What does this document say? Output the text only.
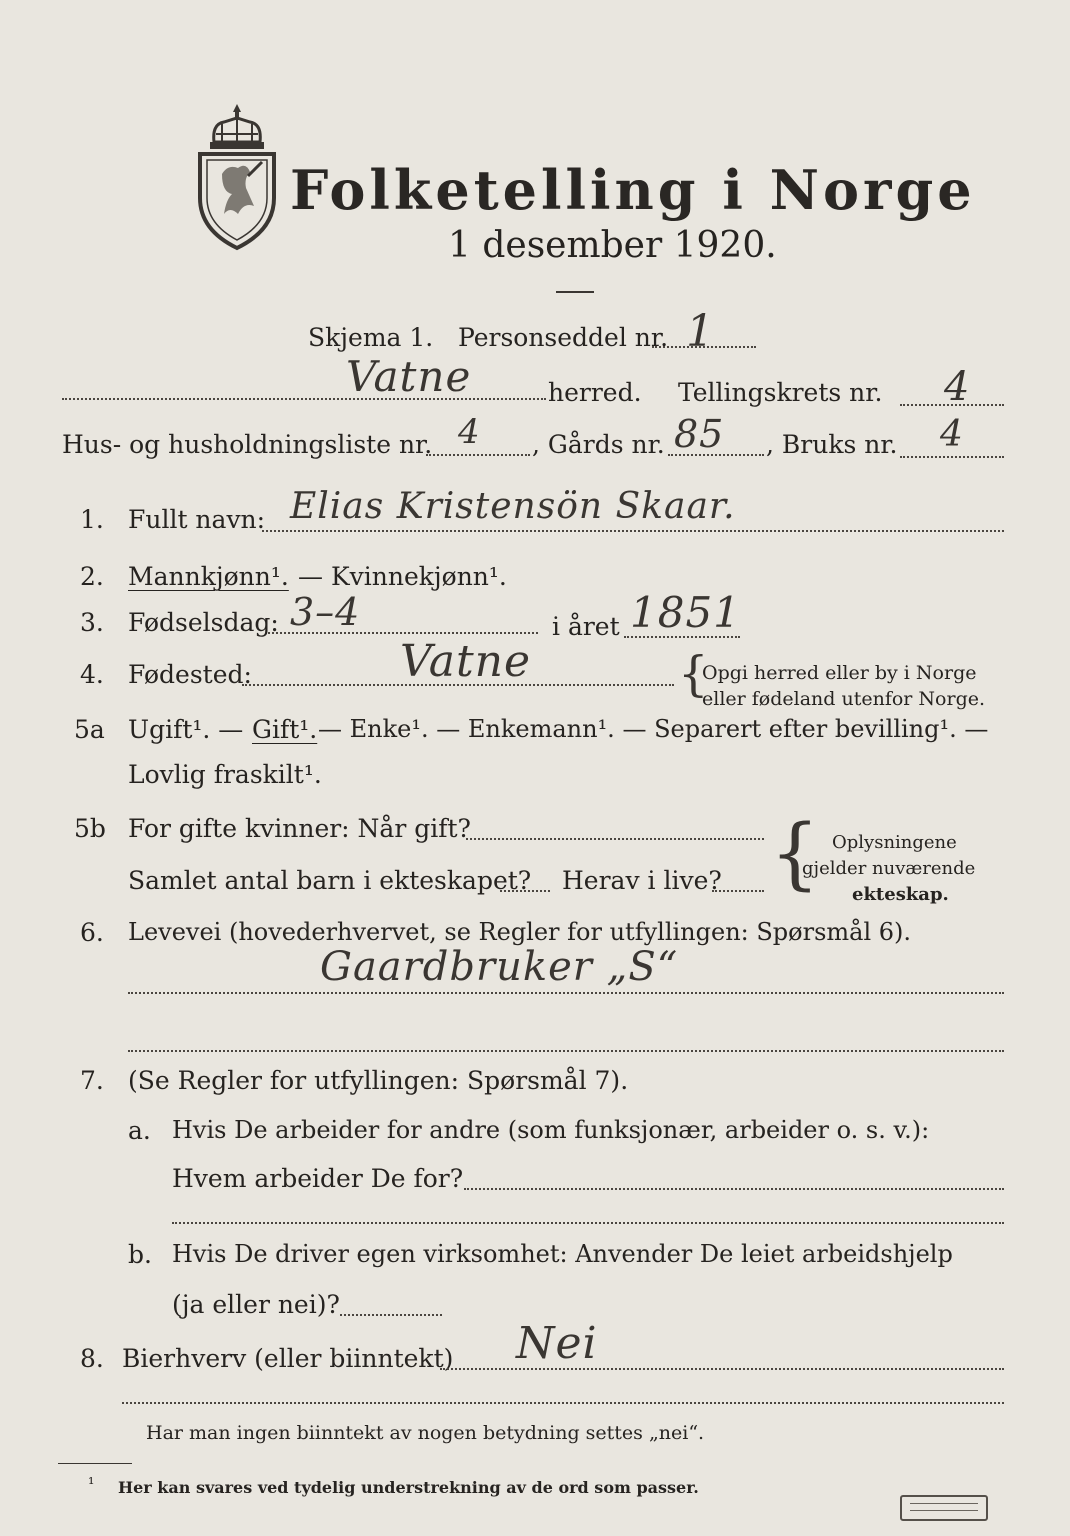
Folketelling i Norge
1 desember 1920.
Skjema 1. Personseddel nr. 1
Vatne	herred. Tellingskrets nr. 4
Hus- og husholdningsliste nr. 4 , Gårds nr. 85 , Bruks nr. 4
1. Fullt navn: Elias Kristensön Skaar.
2. Mannkjønn¹. — Kvinnekjønn¹.
3. Fødselsdag: 3–4	i året 1851
4. Fødested:	Vatne	{
Opgi herred eller by i Norge
eller fødeland utenfor Norge.
5a Ugift¹. — Gift¹. — Enke¹. — Enkemann¹. — Separert efter bevilling¹. —
Lovlig fraskilt¹.
5b For gifte kvinner: Når gift?
Samlet antal barn i ekteskapet? Herav i live? { Oplysningene
gjelder nuværende
ekteskap.
6. Levevei (hovederhvervet, se Regler for utfyllingen: Spørsmål 6).
Gaardbruker „S“
7. (Se Regler for utfyllingen: Spørsmål 7).
a. Hvis De arbeider for andre (som funksjonær, arbeider o. s. v.):
Hvem arbeider De for?
b. Hvis De driver egen virksomhet: Anvender De leiet arbeidshjelp
(ja eller nei)?
8. Bierhverv (eller biinntekt) Nei
Har man ingen biinntekt av nogen betydning settes „nei“.
¹ Her kan svares ved tydelig understrekning av de ord som passer.
